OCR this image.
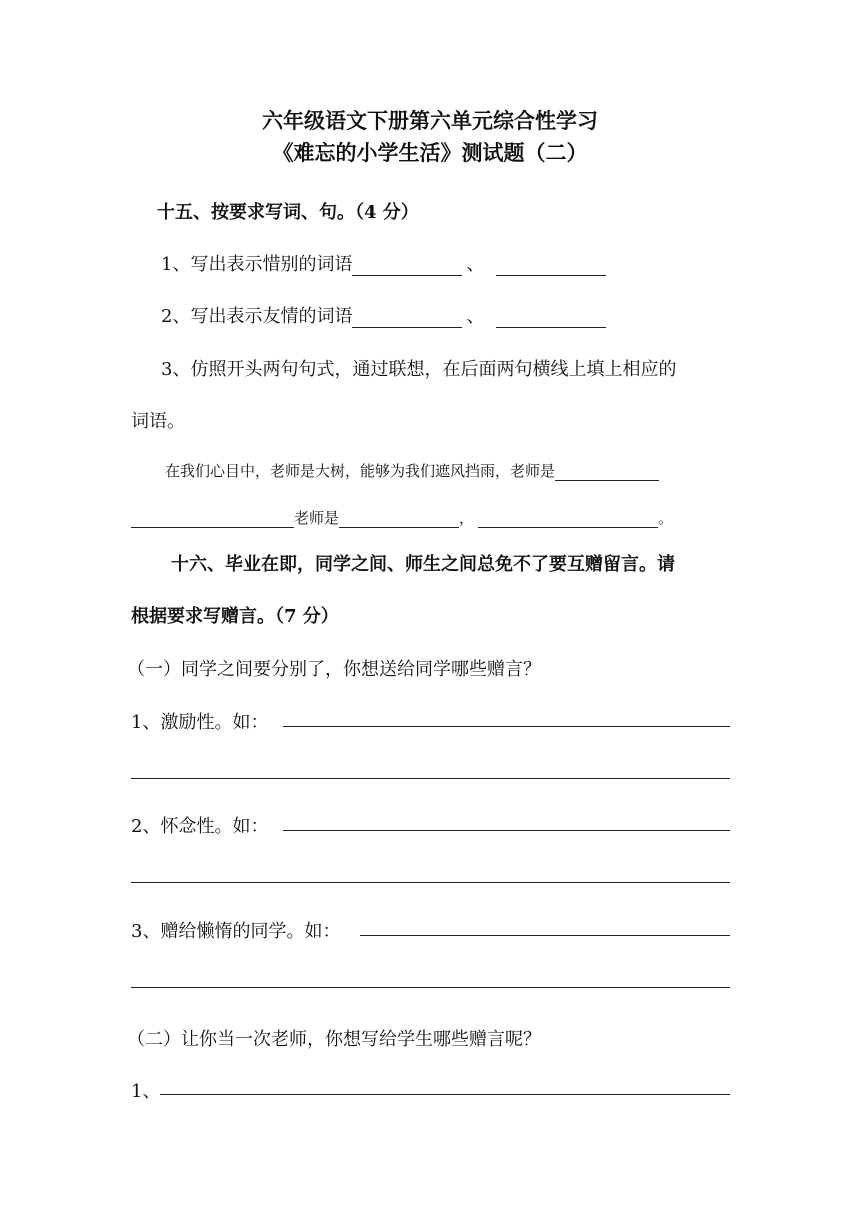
六年级语文下册第六单元综合性学习
《难忘的小学生活》测试题（二）
十五、按要求写词、句。（4 分）
1、写出表示惜别的词语	、
2、写出表示友情的词语	、
3、仿照开头两句句式，通过联想，在后面两句横线上填上相应的
词语。
在我们心目中，老师是大树，能够为我们遮风挡雨，老师是
老师是	，	。
十六、毕业在即，同学之间、师生之间总免不了要互赠留言。请
根据要求写赠言。（7 分）
（一）同学之间要分别了，你想送给同学哪些赠言？
1、激励性。如：
2、怀念性。如：
3、赠给懒惰的同学。如：
（二）让你当一次老师，你想写给学生哪些赠言呢？
1、
